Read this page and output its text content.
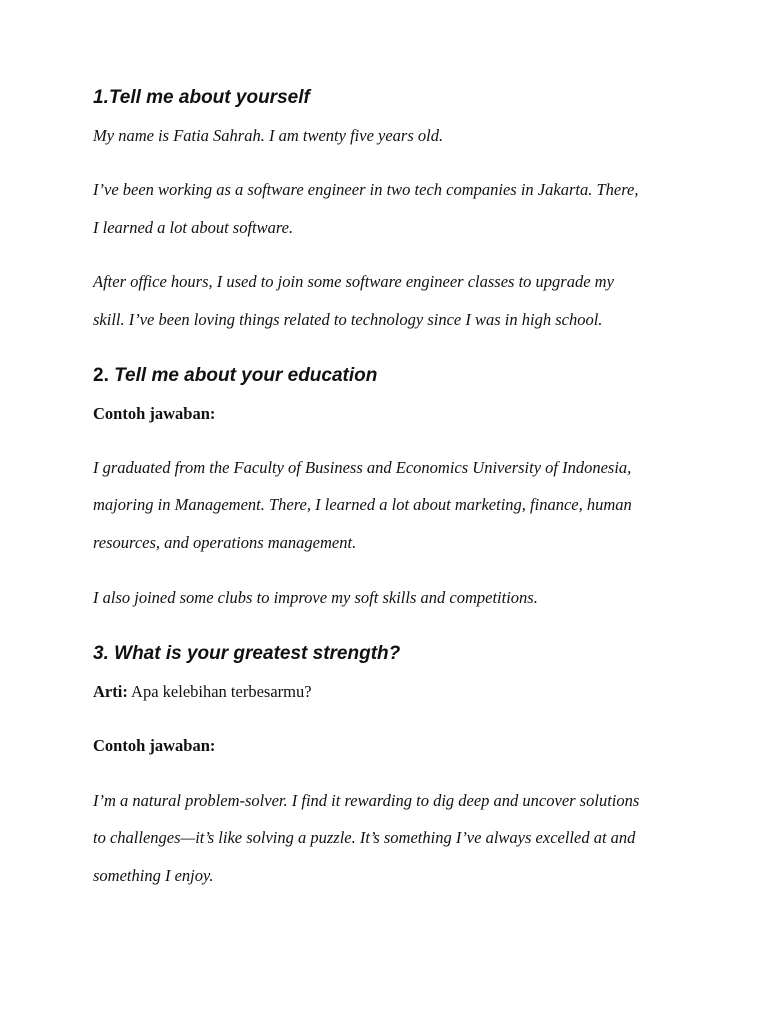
1.Tell me about yourself

My name is Fatia Sahrah. I am twenty five years old.

I’ve been working as a software engineer in two tech companies in Jakarta. There,

I learned a lot about software.

After office hours, I used to join some software engineer classes to upgrade my

skill. I’ve been loving things related to technology since I was in high school.

2. Tell me about your education

Contoh jawaban:

I graduated from the Faculty of Business and Economics University of Indonesia,

majoring in Management. There, I learned a lot about marketing, finance, human

resources, and operations management.

I also joined some clubs to improve my soft skills and competitions.

3. What is your greatest strength?

Arti: Apa kelebihan terbesarmu?

Contoh jawaban:

I’m a natural problem-solver. I find it rewarding to dig deep and uncover solutions

to challenges—it’s like solving a puzzle. It’s something I’ve always excelled at and

something I enjoy.
